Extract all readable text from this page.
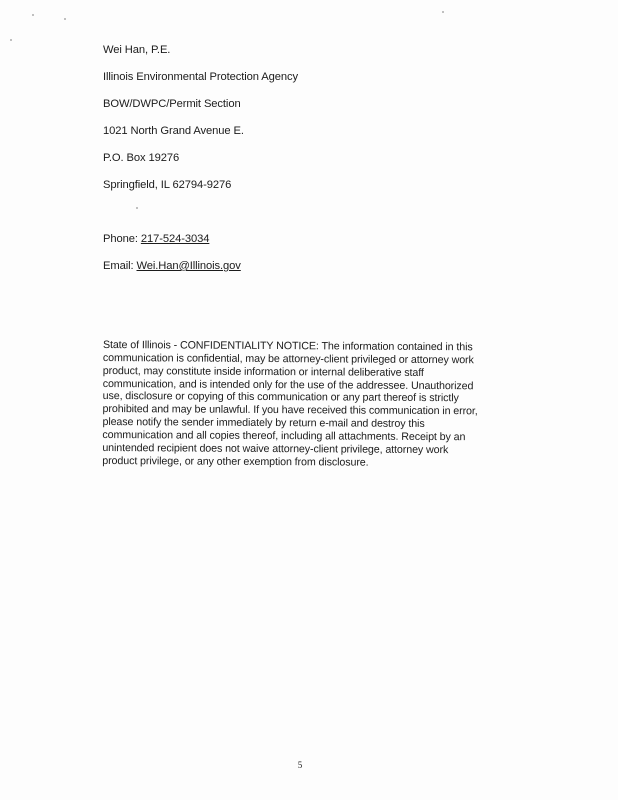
Wei Han, P.E.
Illinois Environmental Protection Agency
BOW/DWPC/Permit Section
1021 North Grand Avenue E.
P.O. Box 19276
Springfield, IL 62794-9276
Phone: 217-524-3034
Email: Wei.Han@Illinois.gov
State of Illinois - CONFIDENTIALITY NOTICE: The information contained in this
communication is confidential, may be attorney-client privileged or attorney work
product, may constitute inside information or internal deliberative staff
communication, and is intended only for the use of the addressee. Unauthorized
use, disclosure or copying of this communication or any part thereof is strictly
prohibited and may be unlawful. If you have received this communication in error,
please notify the sender immediately by return e-mail and destroy this
communication and all copies thereof, including all attachments. Receipt by an
unintended recipient does not waive attorney-client privilege, attorney work
product privilege, or any other exemption from disclosure.
5
